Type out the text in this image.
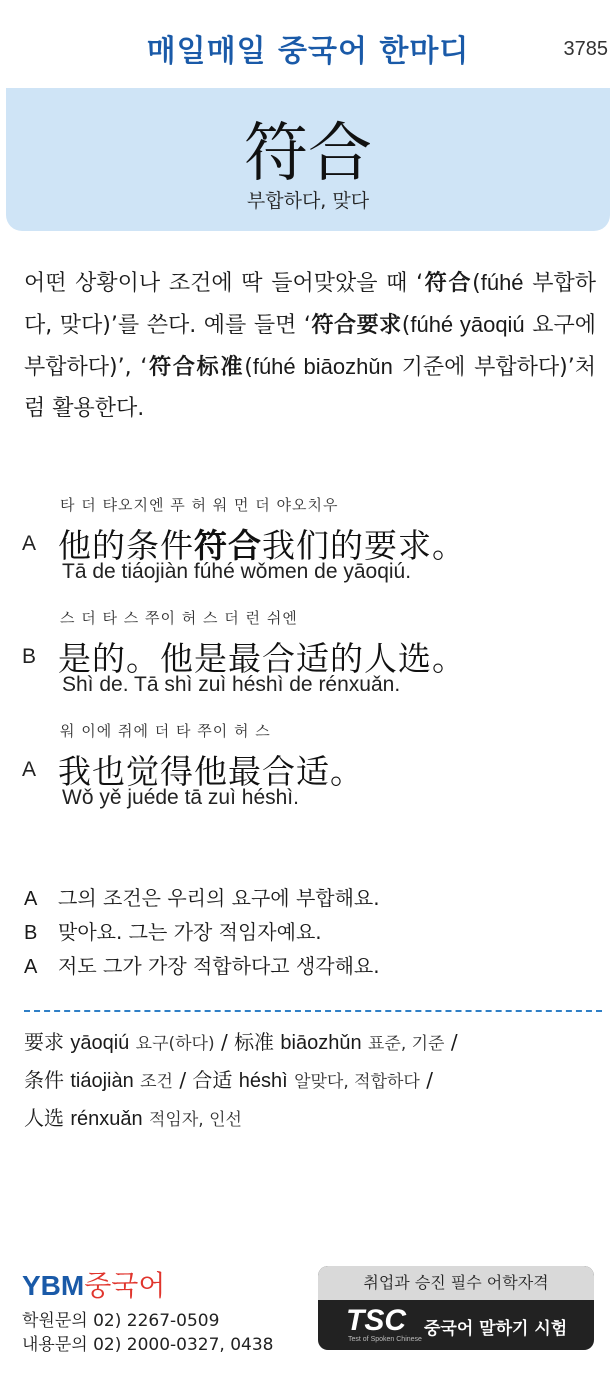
매일매일 중국어 한마디	3785
符合
부합하다, 맞다
어떤 상황이나 조건에 딱 들어맞았을 때 ‘符合(fúhé 부합하다, 맞다)’를 쓴다. 예를 들면 ‘符合要求(fúhé yāoqiú 요구에 부합하다)’, ‘符合标准(fúhé biāozhǔn 기준에 부합하다)’처럼 활용한다.
타 더 탸오지엔 푸 허 워 먼 더 야오치우
A 他的条件符合我们的要求。
Tā de tiáojiàn fúhé wǒmen de yāoqiú.
스 더 타 스 쭈이 허 스 더 런 쉬엔
B 是的。他是最合适的人选。
Shì de. Tā shì zuì héshì de rénxuǎn.
워 이에 쥐에 더 타 쭈이 허 스
A 我也觉得他最合适。
Wǒ yě juéde tā zuì héshì.
A 그의 조건은 우리의 요구에 부합해요.
B 맞아요. 그는 가장 적임자예요.
A 저도 그가 가장 적합하다고 생각해요.
要求 yāoqiú 요구(하다) / 标准 biāozhǔn 표준, 기준 /
条件 tiáojiàn 조건 / 合适 héshì 알맞다, 적합하다 /
人选 rénxuǎn 적임자, 인선
YBM중국어
학원문의 02) 2267-0509
내용문의 02) 2000-0327, 0438
취업과 승진 필수 어학자격
TSC
Test of Spoken Chinese
중국어 말하기 시험
